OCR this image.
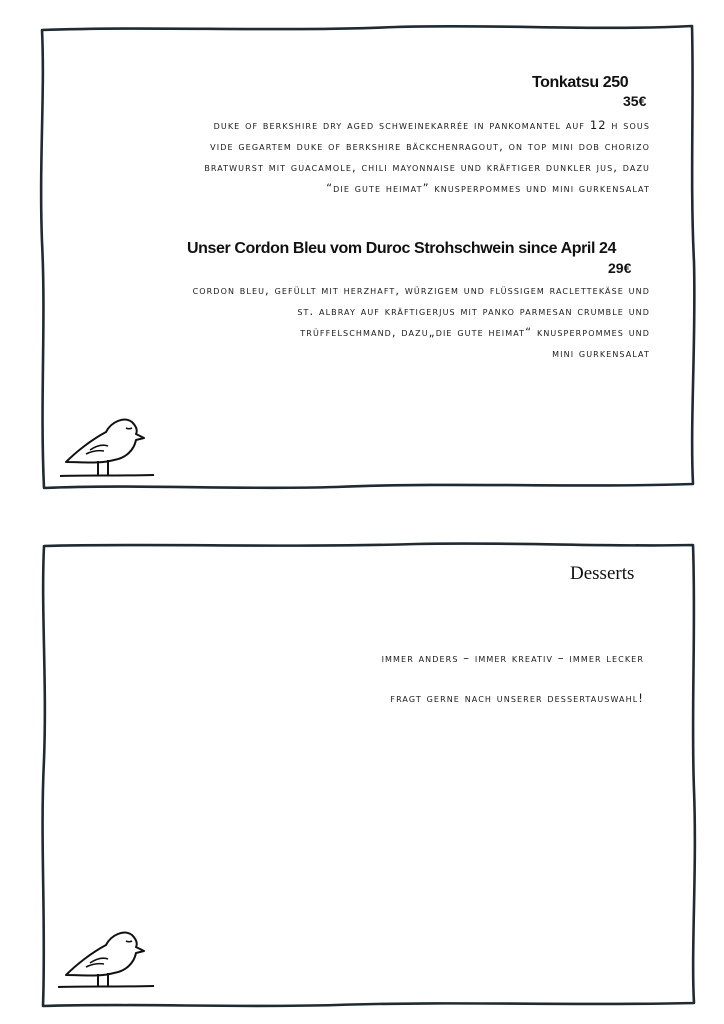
Tonkatsu 250
35€
duke of berkshire dry aged schweinekarrée in pankomantel auf 12 h sous
vide gegartem duke of berkshire bäckchenragout, on top mini dob chorizo
bratwurst mit guacamole, chili mayonnaise und kräftiger dunkler jus, dazu
“die gute heimat” knusperpommes und mini gurkensalat
Unser Cordon Bleu vom Duroc Strohschwein since April 24
29€
cordon bleu, gefüllt mit herzhaft, würzigem und flüssigem raclettekäse und
st. albray auf kräftigerjus mit panko parmesan crumble und
trüffelschmand, dazu„die gute heimat“ knusperpommes und
mini gurkensalat
Desserts
immer anders – immer kreativ – immer lecker
fragt gerne nach unserer dessertauswahl!
